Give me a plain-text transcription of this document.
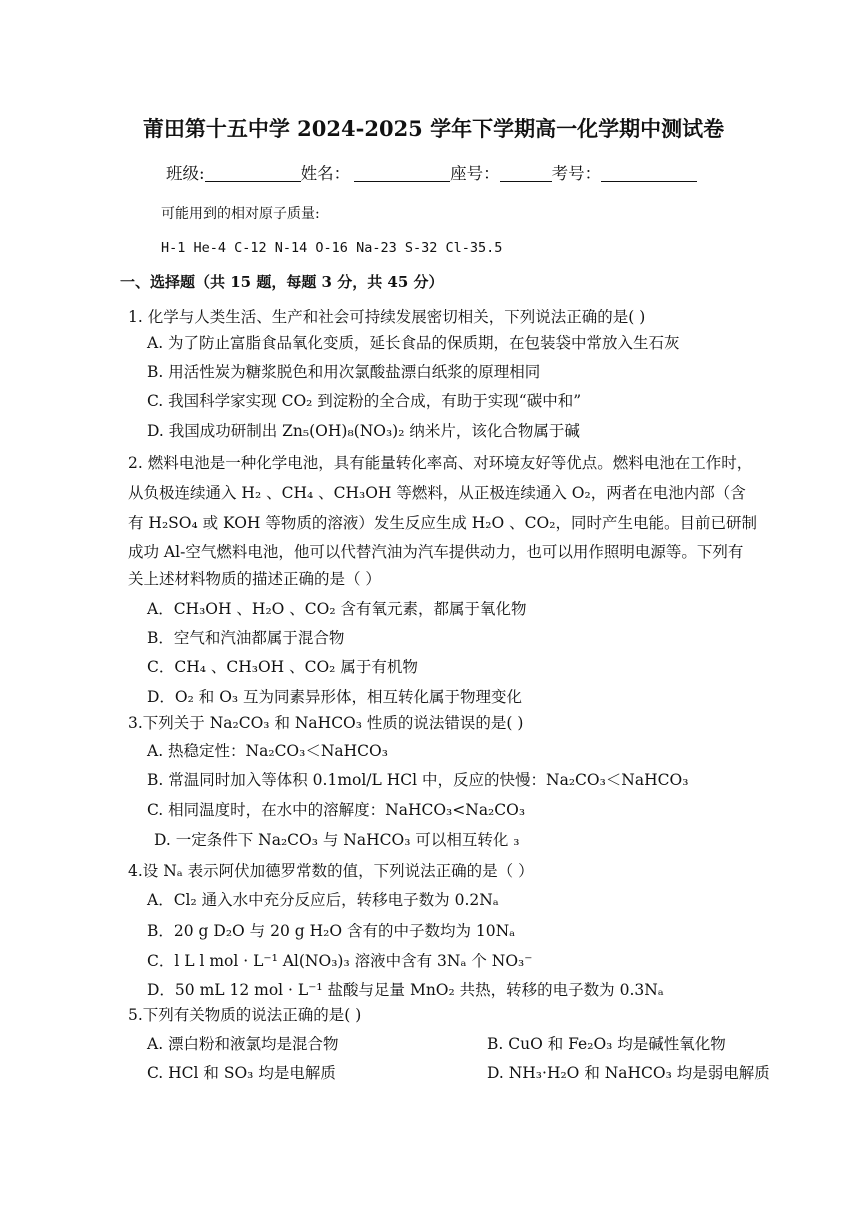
莆田第十五中学 2024-2025 学年下学期高一化学期中测试卷
班级:	姓名：	座号：	考号：
可能用到的相对原子质量:
H-1 He-4 C-12 N-14 O-16 Na-23 S-32 Cl-35.5
一、选择题（共 15 题，每题 3 分，共 45 分）
1. 化学与人类生活、生产和社会可持续发展密切相关，下列说法正确的是( )
A. 为了防止富脂食品氧化变质，延长食品的保质期，在包装袋中常放入生石灰
B. 用活性炭为糖浆脱色和用次氯酸盐漂白纸浆的原理相同
C. 我国科学家实现 CO₂ 到淀粉的全合成，有助于实现“碳中和”
D. 我国成功研制出 Zn₅(OH)₈(NO₃)₂ 纳米片，该化合物属于碱
2. 燃料电池是一种化学电池，具有能量转化率高、对环境友好等优点。燃料电池在工作时，
从负极连续通入 H₂ 、CH₄ 、CH₃OH 等燃料，从正极连续通入 O₂，两者在电池内部（含
有 H₂SO₄ 或 KOH 等物质的溶液）发生反应生成 H₂O 、CO₂，同时产生电能。目前已研制
成功 Al-空气燃料电池，他可以代替汽油为汽车提供动力，也可以用作照明电源等。下列有
关上述材料物质的描述正确的是（ ）
A．CH₃OH 、H₂O 、CO₂ 含有氧元素，都属于氧化物
B．空气和汽油都属于混合物
C．CH₄ 、CH₃OH 、CO₂ 属于有机物
D．O₂ 和 O₃ 互为同素异形体，相互转化属于物理变化
3.下列关于 Na₂CO₃ 和 NaHCO₃ 性质的说法错误的是( )
A. 热稳定性：Na₂CO₃＜NaHCO₃
B. 常温同时加入等体积 0.1mol/L HCl 中，反应的快慢：Na₂CO₃＜NaHCO₃
C. 相同温度时，在水中的溶解度：NaHCO₃<Na₂CO₃
D. 一定条件下 Na₂CO₃ 与 NaHCO₃ 可以相互转化 ₃
4.设 Nₐ 表示阿伏加德罗常数的值，下列说法正确的是（ ）
A．Cl₂ 通入水中充分反应后，转移电子数为 0.2Nₐ
B．20 g D₂O 与 20 g H₂O 含有的中子数均为 10Nₐ
C．l L l mol · L⁻¹ Al(NO₃)₃ 溶液中含有 3Nₐ 个 NO₃⁻
D．50 mL 12 mol · L⁻¹ 盐酸与足量 MnO₂ 共热，转移的电子数为 0.3Nₐ
5.下列有关物质的说法正确的是( )
A. 漂白粉和液氯均是混合物	B. CuO 和 Fe₂O₃ 均是碱性氧化物
C. HCl 和 SO₃ 均是电解质	D. NH₃·H₂O 和 NaHCO₃ 均是弱电解质
